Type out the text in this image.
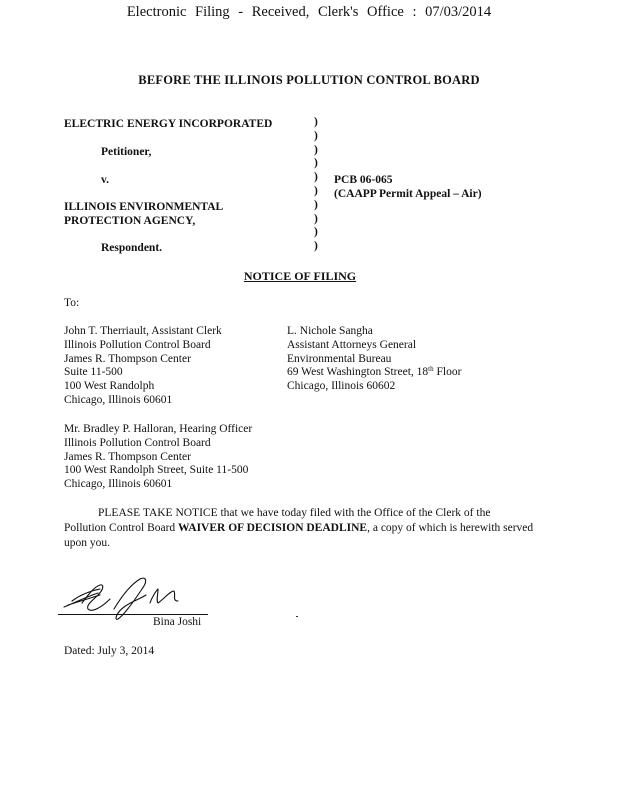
Electronic Filing - Received, Clerk's Office : 07/03/2014
BEFORE THE ILLINOIS POLLUTION CONTROL BOARD
ELECTRIC ENERGY INCORPORATED
Petitioner,
v.
ILLINOIS ENVIRONMENTAL
PROTECTION AGENCY,
Respondent.
)
)
)
)
)
)
)
)
)
)
PCB 06-065
(CAAPP Permit Appeal – Air)
NOTICE OF FILING
To:
John T. Therriault, Assistant Clerk
Illinois Pollution Control Board
James R. Thompson Center
Suite 11-500
100 West Randolph
Chicago, Illinois 60601
L. Nichole Sangha
Assistant Attorneys General
Environmental Bureau
69 West Washington Street, 18th Floor
Chicago, Illinois 60602
Mr. Bradley P. Halloran, Hearing Officer
Illinois Pollution Control Board
James R. Thompson Center
100 West Randolph Street, Suite 11-500
Chicago, Illinois 60601
PLEASE TAKE NOTICE that we have today filed with the Office of the Clerk of the Pollution Control Board WAIVER OF DECISION DEADLINE, a copy of which is herewith served upon you.
Bina Joshi
Dated: July 3, 2014
